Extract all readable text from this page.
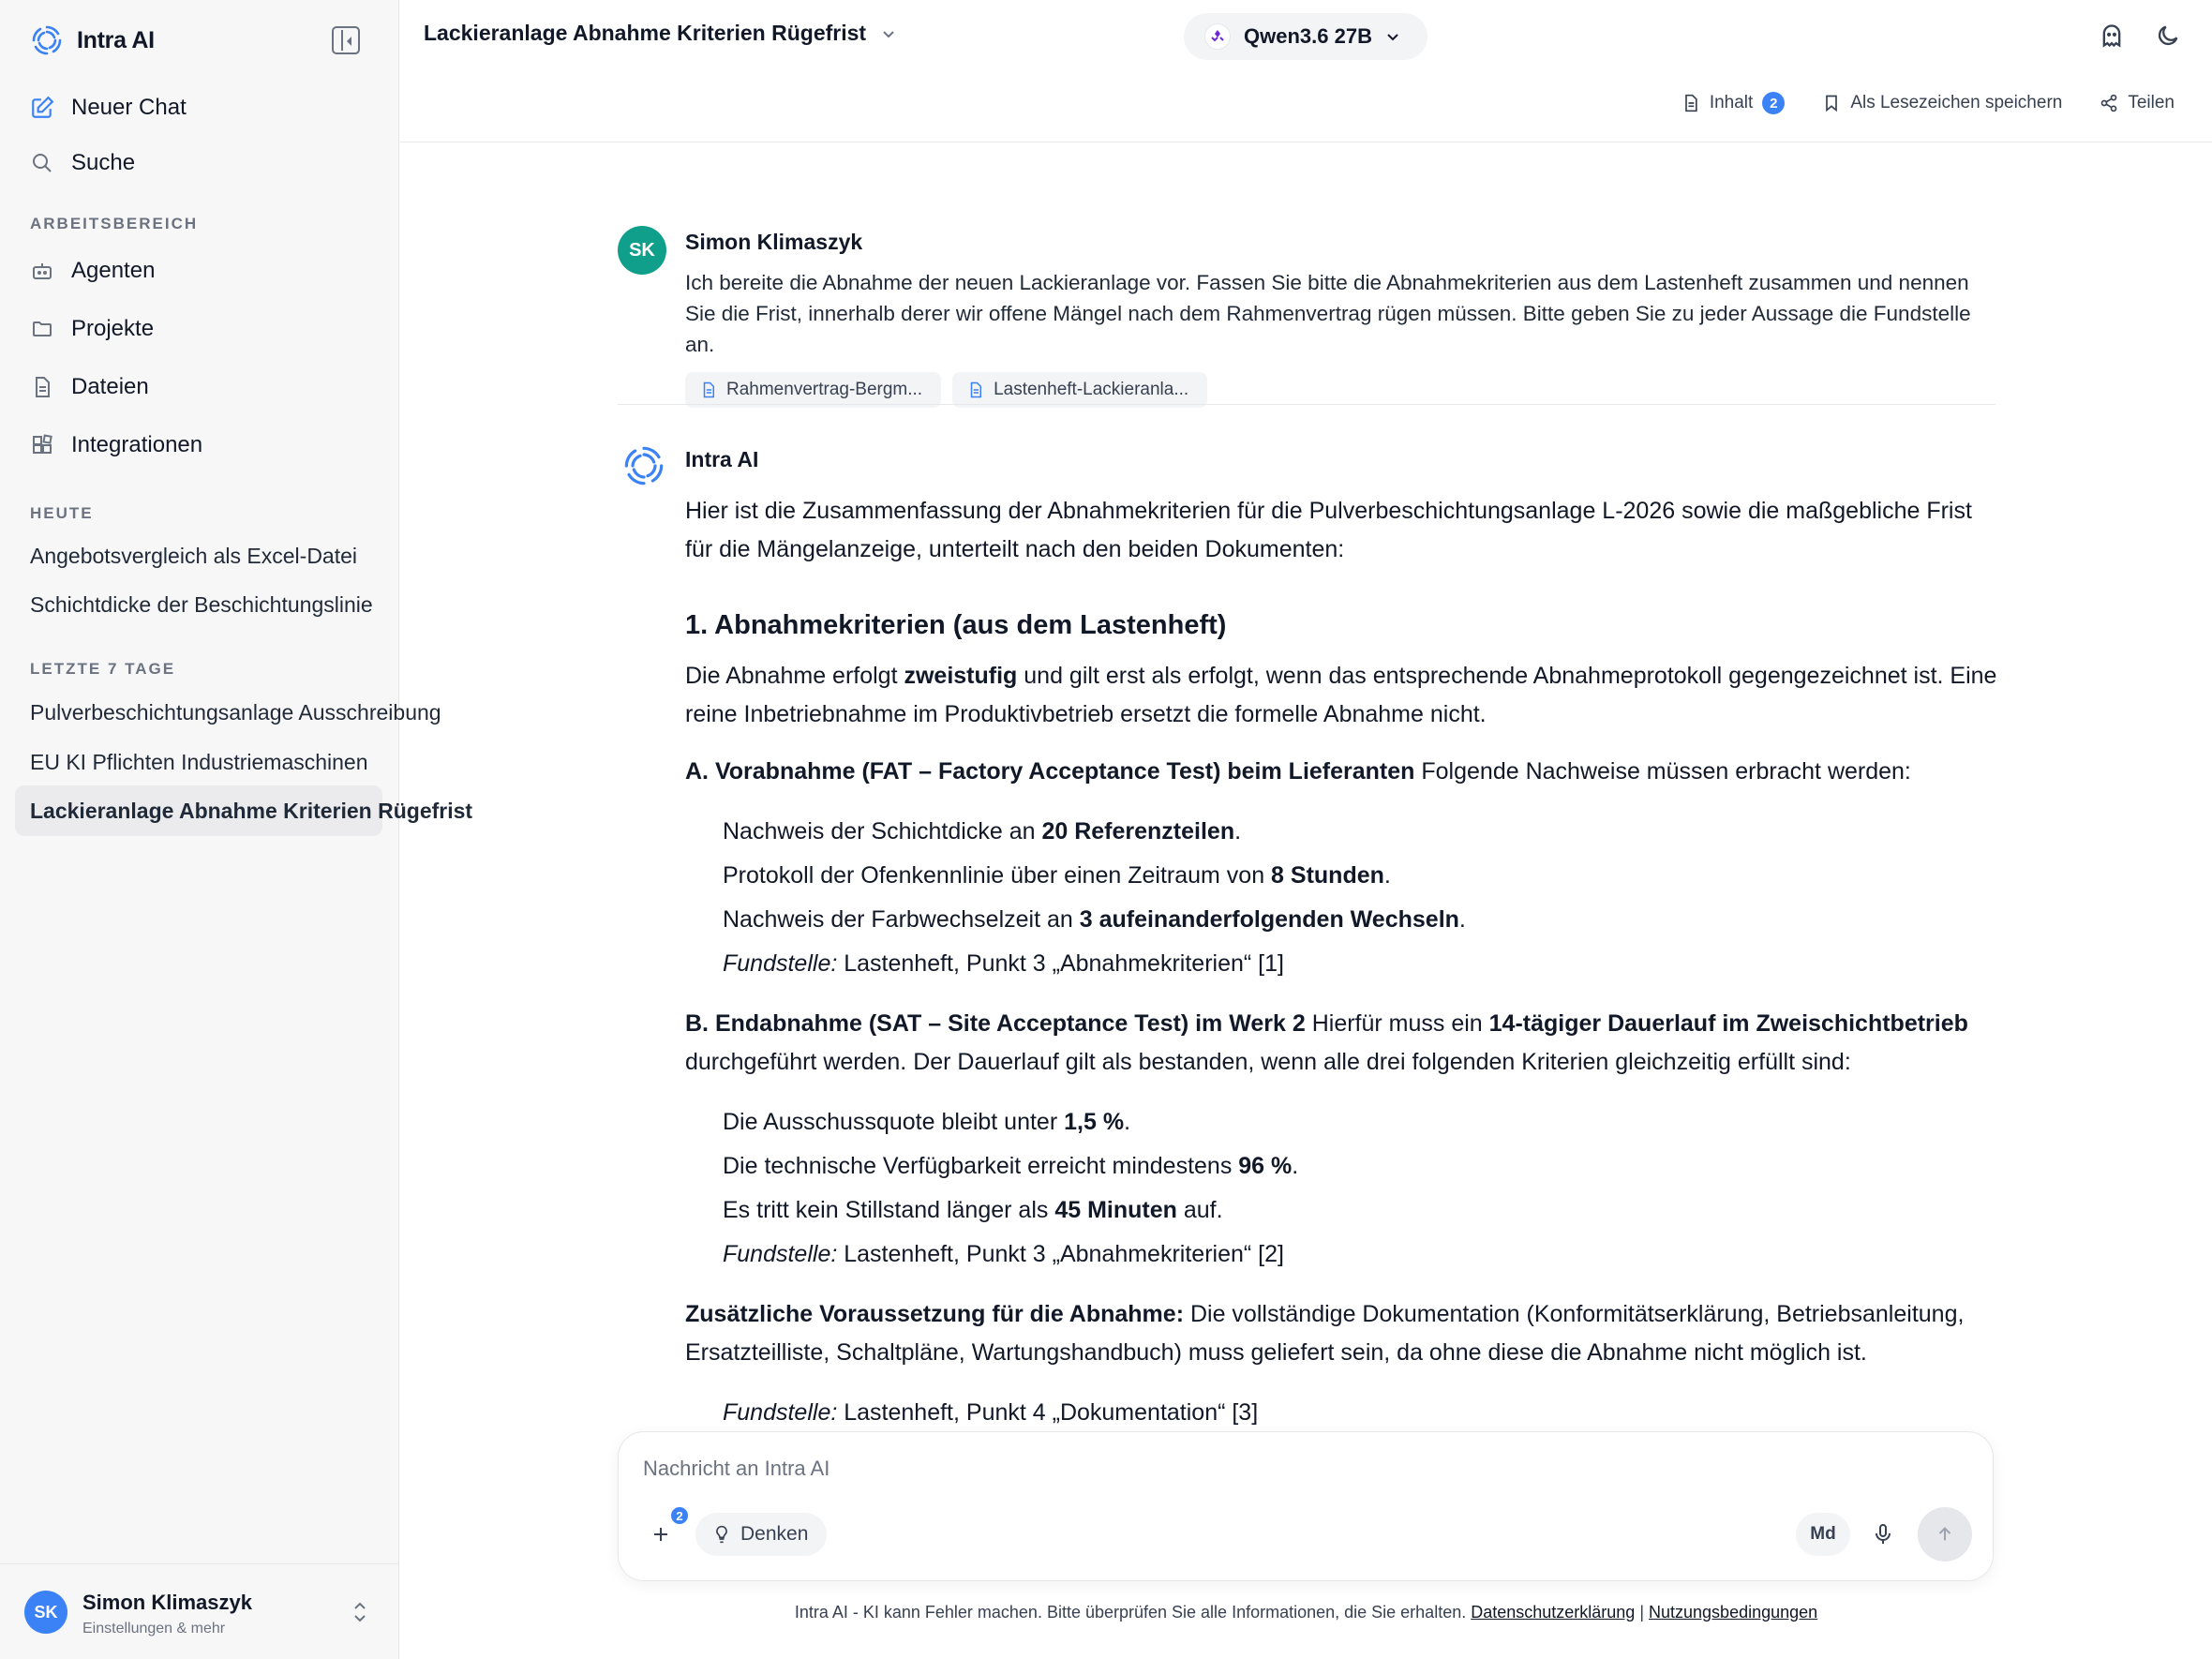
Intra AI
Neuer Chat
Suche
ARBEITSBEREICH
Agenten
Projekte
Dateien
Integrationen
HEUTE
Angebotsvergleich als Excel-Datei
Schichtdicke der Beschichtungslinie
LETZTE 7 TAGE
Pulverbeschichtungsanlage Ausschreibung
EU KI Pflichten Industriemaschinen
Lackieranlage Abnahme Kriterien Rügefrist
SK	Simon Klimaszyk
Einstellungen & mehr
Lackieranlage Abnahme Kriterien Rügefrist	Qwen3.6 27B
Inhalt	2	Als Lesezeichen speichern	Teilen
SK	Simon Klimaszyk
Ich bereite die Abnahme der neuen Lackieranlage vor. Fassen Sie bitte die Abnahmekriterien aus dem Lastenheft zusammen und nennen Sie die Frist, innerhalb derer wir offene Mängel nach dem Rahmenvertrag rügen müssen. Bitte geben Sie zu jeder Aussage die Fundstelle an.
Rahmenvertrag-Bergm...	Lastenheft-Lackieranla...
Intra AI

Hier ist die Zusammenfassung der Abnahmekriterien für die Pulverbeschichtungsanlage L-2026 sowie die maßgebliche Frist für die Mängelanzeige, unterteilt nach den beiden Dokumenten:

1. Abnahmekriterien (aus dem Lastenheft)

Die Abnahme erfolgt zweistufig und gilt erst als erfolgt, wenn das entsprechende Abnahmeprotokoll gegengezeichnet ist. Eine reine Inbetriebnahme im Produktivbetrieb ersetzt die formelle Abnahme nicht.

A. Vorabnahme (FAT – Factory Acceptance Test) beim Lieferanten Folgende Nachweise müssen erbracht werden:

Nachweis der Schichtdicke an 20 Referenzteilen.
Protokoll der Ofenkennlinie über einen Zeitraum von 8 Stunden.
Nachweis der Farbwechselzeit an 3 aufeinanderfolgenden Wechseln.
Fundstelle: Lastenheft, Punkt 3 „Abnahmekriterien“ [1]

B. Endabnahme (SAT – Site Acceptance Test) im Werk 2 Hierfür muss ein 14-tägiger Dauerlauf im Zweischichtbetrieb durchgeführt werden. Der Dauerlauf gilt als bestanden, wenn alle drei folgenden Kriterien gleichzeitig erfüllt sind:

Die Ausschussquote bleibt unter 1,5 %.
Die technische Verfügbarkeit erreicht mindestens 96 %.
Es tritt kein Stillstand länger als 45 Minuten auf.
Fundstelle: Lastenheft, Punkt 3 „Abnahmekriterien“ [2]

Zusätzliche Voraussetzung für die Abnahme: Die vollständige Dokumentation (Konformitätserklärung, Betriebsanleitung, Ersatzteilliste, Schaltpläne, Wartungshandbuch) muss geliefert sein, da ohne diese die Abnahme nicht möglich ist.

Fundstelle: Lastenheft, Punkt 4 „Dokumentation“ [3]
Nachricht an Intra AI
2
Denken	Md
Intra AI - KI kann Fehler machen. Bitte überprüfen Sie alle Informationen, die Sie erhalten. Datenschutzerklärung | Nutzungsbedingungen
